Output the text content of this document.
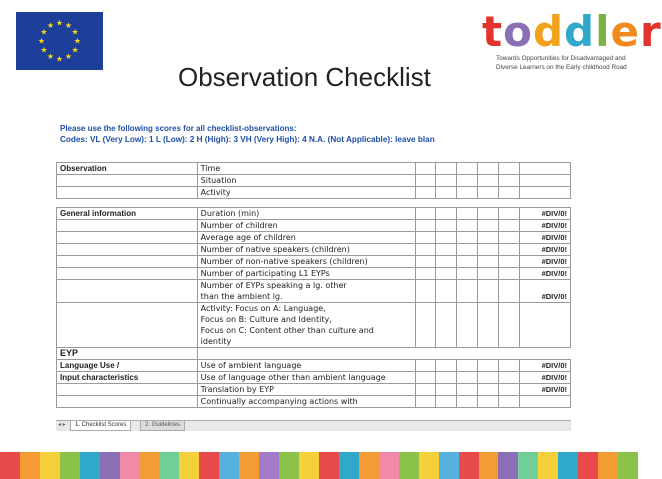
★ ★
★
★
★
★
★
★
★
★
★
★	toddler
Towards Opportunities for Disadvantaged and
Diverse Learners on the Early childhood Road
Observation Checklist
Please use the following scores for all checklist-observations:
Codes: VL (Very Low): 1 L (Low): 2 H (High): 3 VH (Very High): 4 N.A. (Not Applicable): leave blan
Observation	Time						
	Situation						
	Activity						

General information	Duration (min)						#DIV/0!
	Number of children						#DIV/0!
	Average age of children						#DIV/0!
	Number of native speakers (children)						#DIV/0!
	Number of non-native speakers (children)						#DIV/0!
	Number of participating L1 EYPs						#DIV/0!

	Number of EYPs speaking a lg. other
than the ambient lg.						#DIV/0!

	Activity: Focus on A: Language,
Focus on B: Culture and Identity,
Focus on C: Content other than culture and
identity						

EYP							
Language Use /	Use of ambient language						#DIV/0!
Input characteristics	Use of language other than ambient language						#DIV/0!
	Translation by EYP						#DIV/0!
	Continually accompanying actions with						
◂ ▸	1. Checklist Scores	2. Guidelines
